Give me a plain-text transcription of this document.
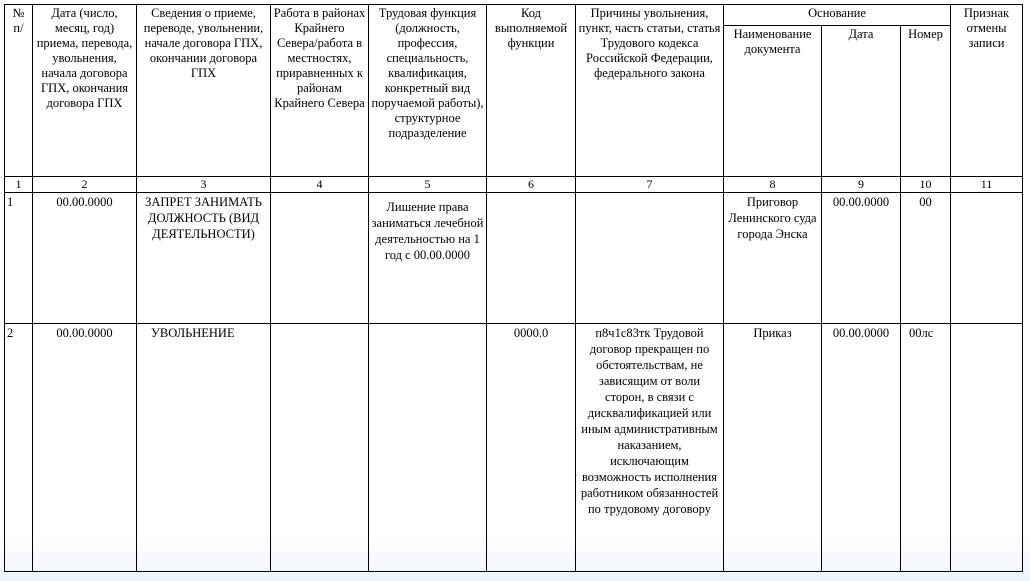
№ п/	Дата (число, месяц, год) приема, перевода, увольнения, начала договора ГПХ, окончания договора ГПХ	Сведения о приеме, переводе, увольнении, начале договора ГПХ, окончании договора ГПХ	Работа в районах Крайнего Севера/работа в местностях, приравненных к районам Крайнего Севера	Трудовая функция (должность, профессия, специальность, квалификация, конкретный вид поручаемой работы), структурное подразделение	Код выполняемой функции	Причины увольнения, пункт, часть статьи, статья Трудового кодекса Российской Федерации, федерального закона	Основание			Признак отмены записи
							Наименование документа	Дата	Номер	
1	2	3	4	5	6	7	8	9	10	11
1	00.00.0000	ЗАПРЕТ ЗАНИМАТЬ ДОЛЖНОСТЬ (ВИД ДЕЯТЕЛЬНОСТИ)		Лишение права заниматься лечебной деятельностью на 1 год с 00.00.0000			Приговор Ленинского суда города Энска	00.00.0000	00	
2	00.00.0000	УВОЛЬНЕНИЕ			0000.0	п8ч1с83тк Трудовой договор прекращен по обстоятельствам, не зависящим от воли сторон, в связи с дисквалификацией или иным административным наказанием, исключающим возможность исполнения работником обязанностей по трудовому договору	Приказ	00.00.0000	00лс	
